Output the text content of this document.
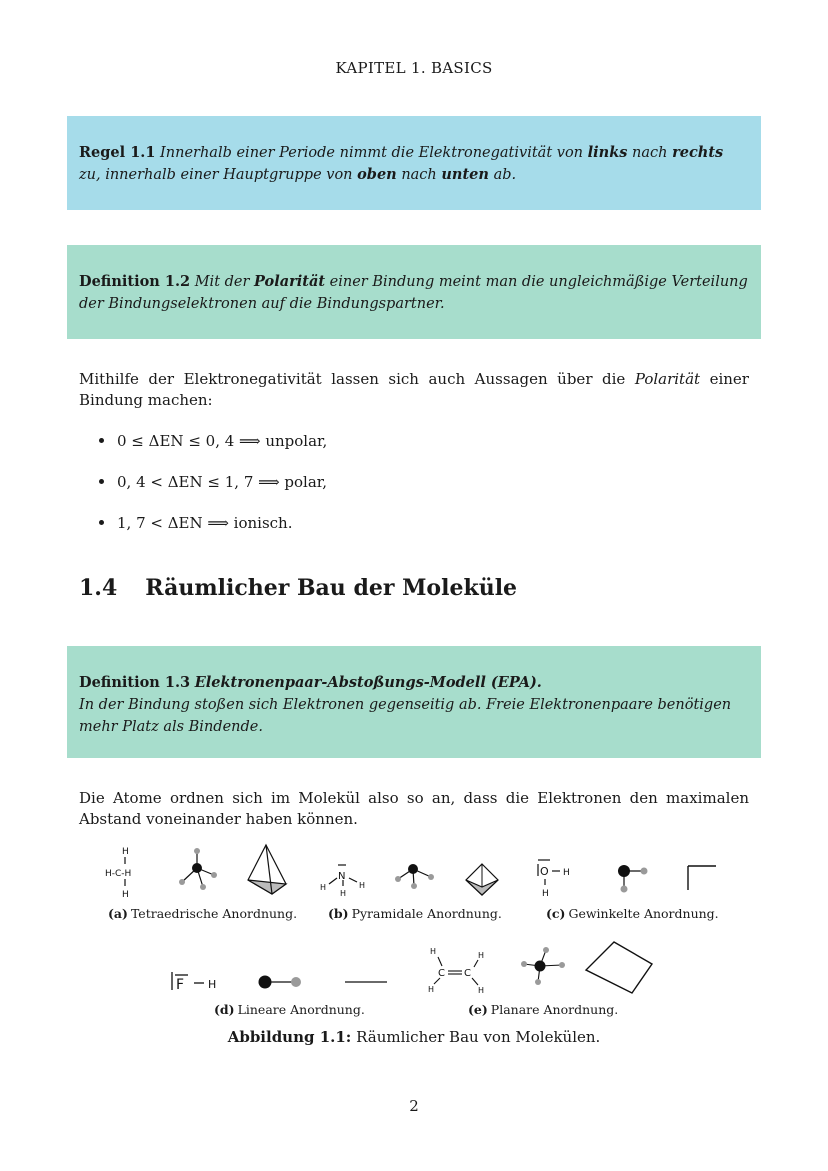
KAPITEL 1. BASICS
Regel 1.1 Innerhalb einer Periode nimmt die Elektronegativität von links nach rechts zu, innerhalb einer Hauptgruppe von oben nach unten ab.
Definition 1.2 Mit der Polarität einer Bindung meint man die ungleichmäßige Verteilung der Bindungselektronen auf die Bindungspartner.
Mithilfe der Elektronegativität lassen sich auch Aussagen über die Polarität einer Bindung machen:
0 ≤ ΔEN ≤ 0, 4 ⟹ unpolar,
0, 4 < ΔEN ≤ 1, 7 ⟹ polar,
1, 7 < ΔEN ⟹ ionisch.
1.4 Räumlicher Bau der Moleküle
Definition 1.3 Elektronenpaar-Abstoßungs-Modell (EPA).
In der Bindung stoßen sich Elektronen gegenseitig ab. Freie Elektronenpaare benötigen mehr Platz als Bindende.
Die Atome ordnen sich im Molekül also so an, dass die Elektronen den maximalen Abstand voneinander haben können.
H
H-C-H
H
(a) Tetraedrische Anordnung.
N
H	H
H
(b) Pyramidale Anordnung.
O H
H
(c) Gewinkelte Anordnung.
F H
(d) Lineare Anordnung.
H	H
C C
H	H
(e) Planare Anordnung.
Abbildung 1.1: Räumlicher Bau von Molekülen.
2
